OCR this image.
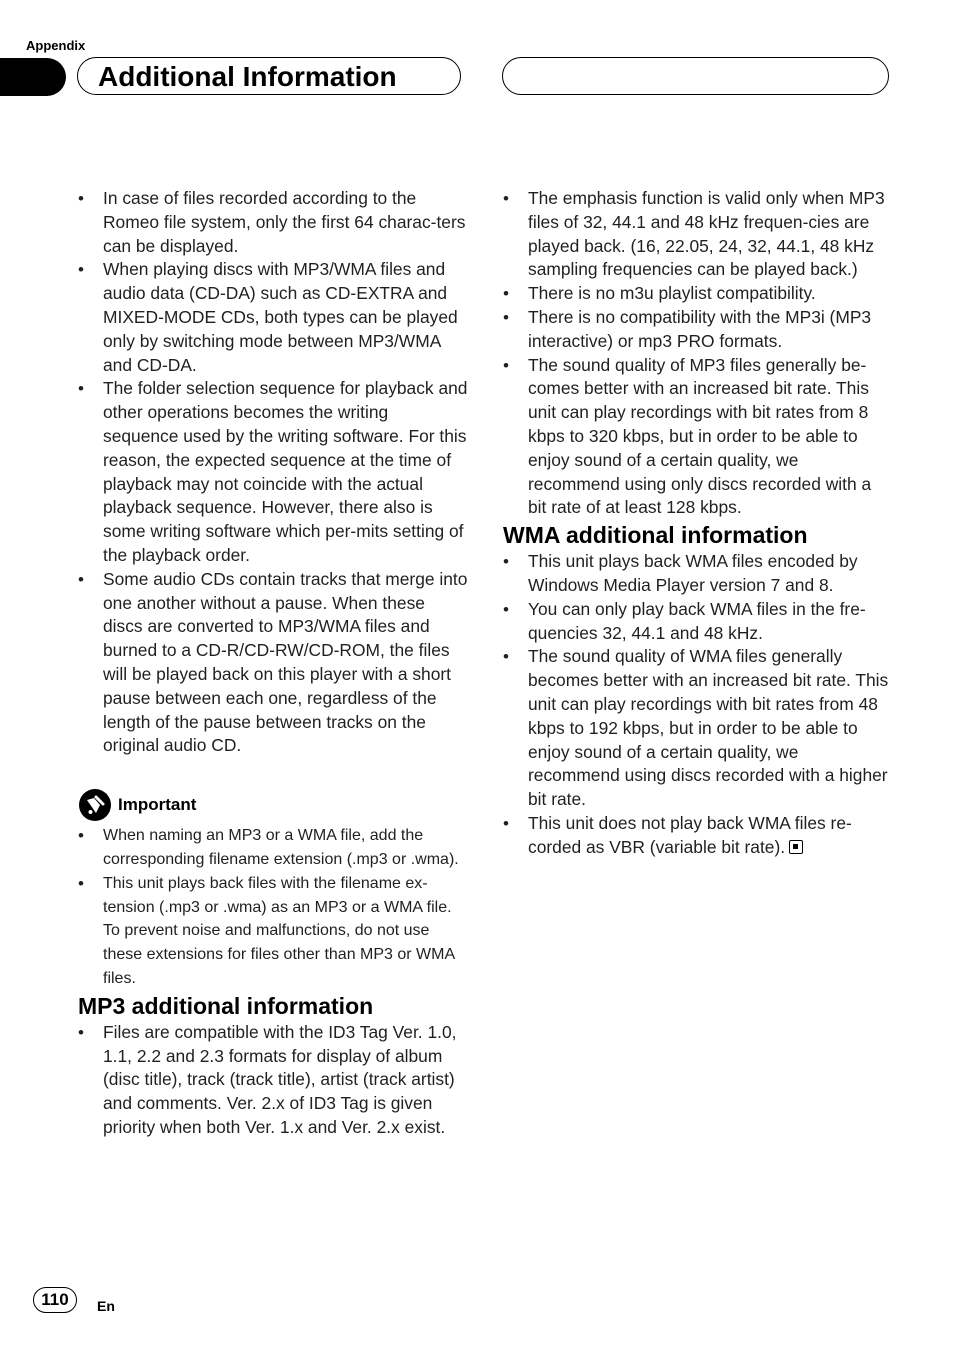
Appendix
Additional Information
• In case of files recorded according to the Romeo file system, only the first 64 charac-ters can be displayed.
• When playing discs with MP3/WMA files and audio data (CD-DA) such as CD-EXTRA and MIXED-MODE CDs, both types can be played only by switching mode between MP3/WMA and CD-DA.
• The folder selection sequence for playback and other operations becomes the writing sequence used by the writing software. For this reason, the expected sequence at the time of playback may not coincide with the actual playback sequence. However, there also is some writing software which per-mits setting of the playback order.
• Some audio CDs contain tracks that merge into one another without a pause. When these discs are converted to MP3/WMA files and burned to a CD-R/CD-RW/CD-ROM, the files will be played back on this player with a short pause between each one, regardless of the length of the pause between tracks on the original audio CD.
Important
• When naming an MP3 or a WMA file, add the corresponding filename extension (.mp3 or .wma).
• This unit plays back files with the filename ex-tension (.mp3 or .wma) as an MP3 or a WMA file. To prevent noise and malfunctions, do not use these extensions for files other than MP3 or WMA files.
MP3 additional information
• Files are compatible with the ID3 Tag Ver. 1.0, 1.1, 2.2 and 2.3 formats for display of album (disc title), track (track title), artist (track artist) and comments. Ver. 2.x of ID3 Tag is given priority when both Ver. 1.x and Ver. 2.x exist.
• The emphasis function is valid only when MP3 files of 32, 44.1 and 48 kHz frequen-cies are played back. (16, 22.05, 24, 32, 44.1, 48 kHz sampling frequencies can be played back.)
• There is no m3u playlist compatibility.
• There is no compatibility with the MP3i (MP3 interactive) or mp3 PRO formats.
• The sound quality of MP3 files generally be-comes better with an increased bit rate. This unit can play recordings with bit rates from 8 kbps to 320 kbps, but in order to be able to enjoy sound of a certain quality, we recommend using only discs recorded with a bit rate of at least 128 kbps.
WMA additional information
• This unit plays back WMA files encoded by Windows Media Player version 7 and 8.
• You can only play back WMA files in the fre-quencies 32, 44.1 and 48 kHz.
• The sound quality of WMA files generally becomes better with an increased bit rate. This unit can play recordings with bit rates from 48 kbps to 192 kbps, but in order to be able to enjoy sound of a certain quality, we recommend using discs recorded with a higher bit rate.
• This unit does not play back WMA files re-corded as VBR (variable bit rate).
110	En
